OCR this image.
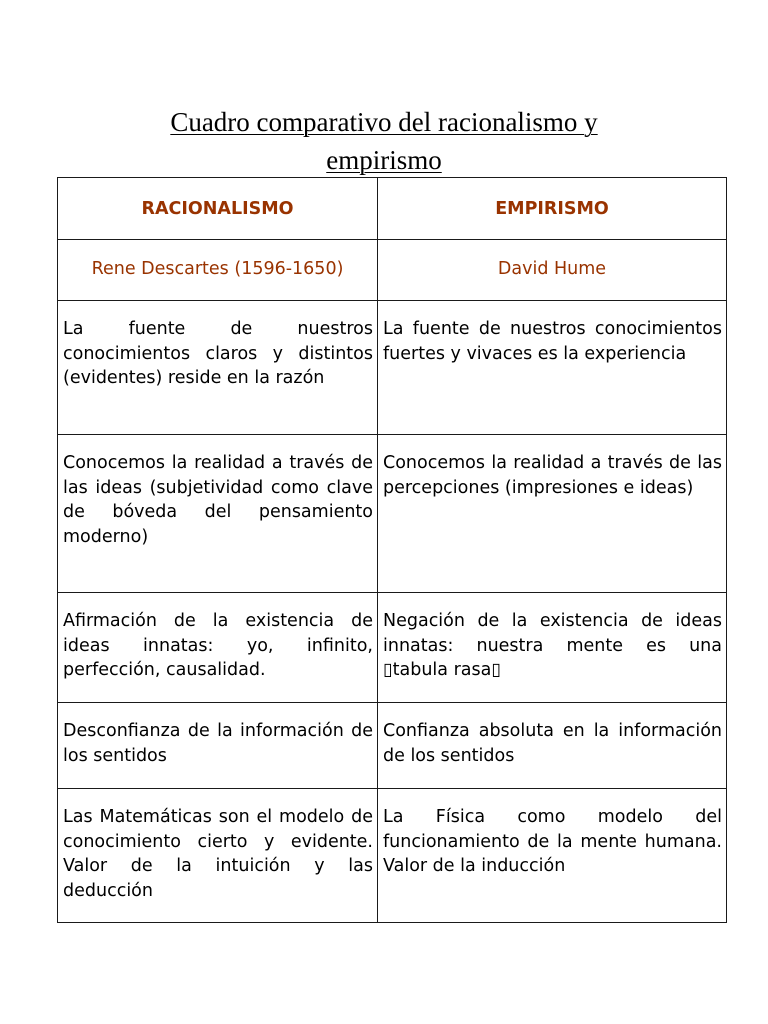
Cuadro comparativo del racionalismo y
empirismo
RACIONALISMO	EMPIRISMO

Rene Descartes (1596-1650)	David Hume

La fuente de nuestros conocimientos claros y distintos (evidentes) reside en la razón	La fuente de nuestros conocimientos fuertes y vivaces es la experiencia

Conocemos la realidad a través de las ideas (subjetividad como clave de bóveda del pensamiento moderno)	Conocemos la realidad a través de las percepciones (impresiones e ideas)

Afirmación de la existencia de ideas innatas: yo, infinito, perfección, causalidad.	Negación de la existencia de ideas innatas: nuestra mente es una ▯tabula rasa▯

Desconfianza de la información de los sentidos	Confianza absoluta en la información de los sentidos

Las Matemáticas son el modelo de conocimiento cierto y evidente. Valor de la intuición y las deducción	La Física como modelo del funcionamiento de la mente humana. Valor de la inducción
